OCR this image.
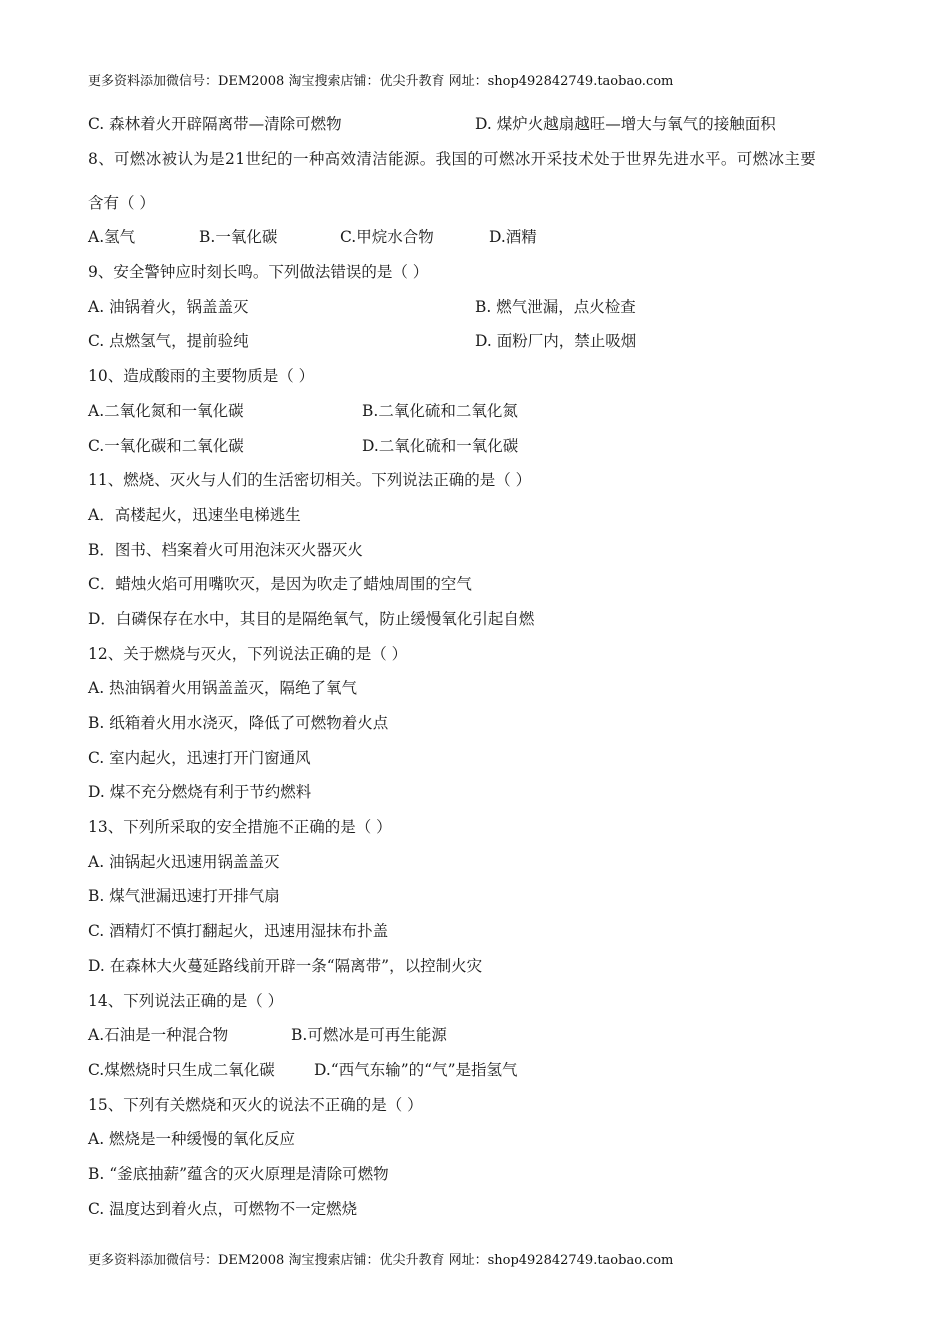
更多资料添加微信号：DEM2008 淘宝搜索店铺：优尖升教育 网址：shop492842749.taobao.com
C. 森林着火开辟隔离带—清除可燃物	D. 煤炉火越扇越旺—增大与氧气的接触面积
8、可燃冰被认为是21世纪的一种高效清洁能源。我国的可燃冰开采技术处于世界先进水平。可燃冰主要
含有（ ）
A.氢气	B.一氧化碳	C.甲烷水合物	D.酒精
9、安全警钟应时刻长鸣。下列做法错误的是（ ）
A. 油锅着火，锅盖盖灭	B. 燃气泄漏，点火检查
C. 点燃氢气，提前验纯	D. 面粉厂内，禁止吸烟
10、造成酸雨的主要物质是（ ）
A.二氧化氮和一氧化碳	B.二氧化硫和二氧化氮
C.一氧化碳和二氧化碳	D.二氧化硫和一氧化碳
11、燃烧、灭火与人们的生活密切相关。下列说法正确的是（ ）
A．高楼起火，迅速坐电梯逃生
B．图书、档案着火可用泡沫灭火器灭火
C．蜡烛火焰可用嘴吹灭，是因为吹走了蜡烛周围的空气
D．白磷保存在水中，其目的是隔绝氧气，防止缓慢氧化引起自燃
12、关于燃烧与灭火，下列说法正确的是（ ）
A. 热油锅着火用锅盖盖灭，隔绝了氧气
B. 纸箱着火用水浇灭，降低了可燃物着火点
C. 室内起火，迅速打开门窗通风
D. 煤不充分燃烧有利于节约燃料
13、下列所采取的安全措施不正确的是（ ）
A. 油锅起火迅速用锅盖盖灭
B. 煤气泄漏迅速打开排气扇
C. 酒精灯不慎打翻起火，迅速用湿抹布扑盖
D. 在森林大火蔓延路线前开辟一条“隔离带”，以控制火灾
14、下列说法正确的是（ ）
A.石油是一种混合物	B.可燃冰是可再生能源
C.煤燃烧时只生成二氧化碳	D.“西气东输”的“气”是指氢气
15、下列有关燃烧和灭火的说法不正确的是（ ）
A. 燃烧是一种缓慢的氧化反应
B. “釜底抽薪”蕴含的灭火原理是清除可燃物
C. 温度达到着火点，可燃物不一定燃烧
更多资料添加微信号：DEM2008 淘宝搜索店铺：优尖升教育 网址：shop492842749.taobao.com
